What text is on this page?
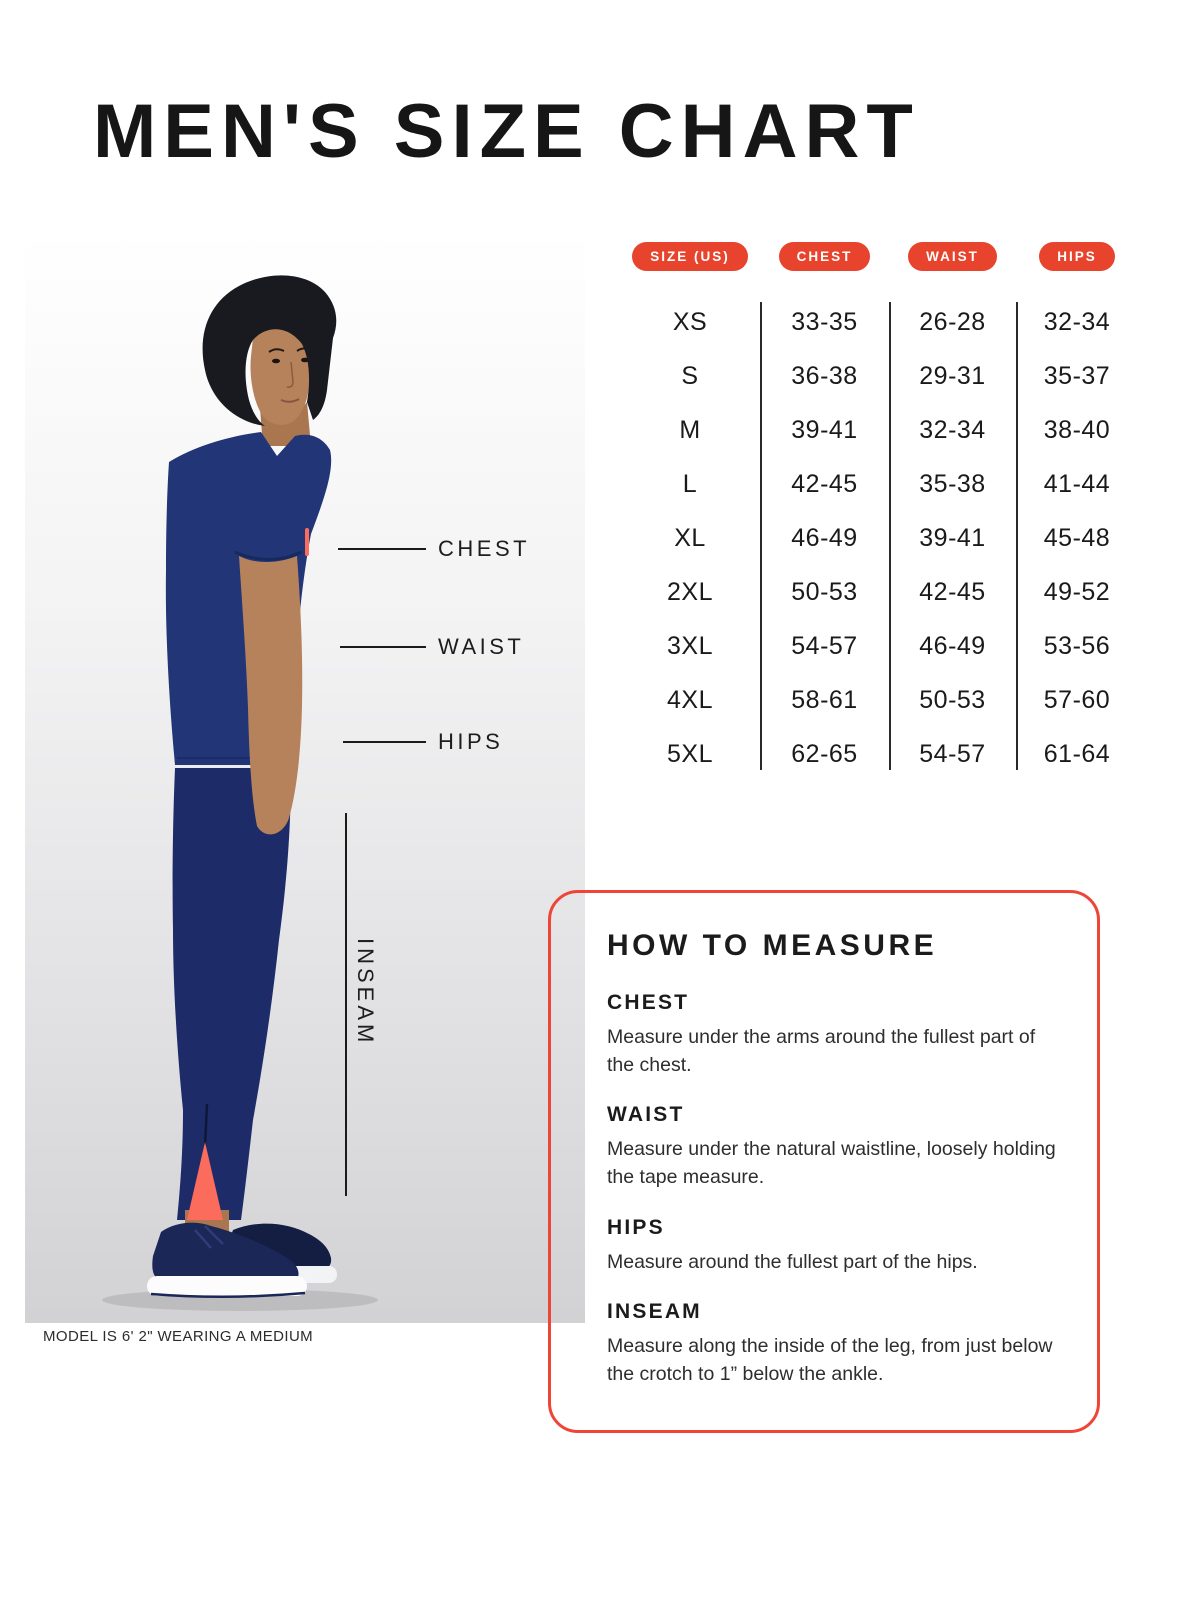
MEN'S SIZE CHART
CHEST
WAIST
HIPS
INSEAM
MODEL IS 6' 2" WEARING A MEDIUM
SIZE (US)	CHEST	WAIST	HIPS
XS	33-35	26-28	32-34
S	36-38	29-31	35-37
M	39-41	32-34	38-40
L	42-45	35-38	41-44
XL	46-49	39-41	45-48
2XL	50-53	42-45	49-52
3XL	54-57	46-49	53-56
4XL	58-61	50-53	57-60
5XL	62-65	54-57	61-64
HOW TO MEASURE
CHEST

Measure under the arms around the fullest part of the chest.

WAIST

Measure under the natural waistline, loosely holding the tape measure.

HIPS

Measure around the fullest part of the hips.

INSEAM

Measure along the inside of the leg, from just below the crotch to 1” below the ankle.
